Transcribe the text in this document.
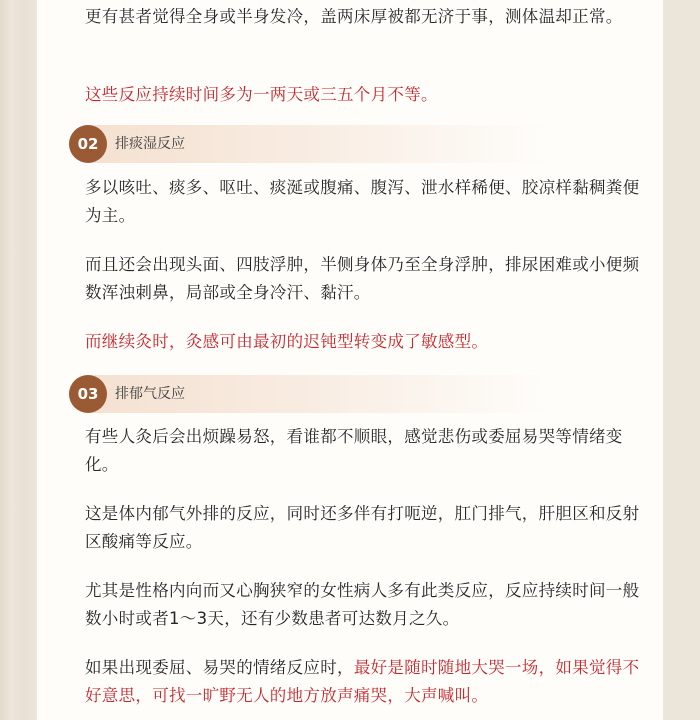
更有甚者觉得全身或半身发冷，盖两床厚被都无济于事，测体温却正常。
这些反应持续时间多为一两天或三五个月不等。
02	排痰湿反应
多以咳吐、痰多、呕吐、痰涎或腹痛、腹泻、泄水样稀便、胶凉样黏稠粪便为主。
而且还会出现头面、四肢浮肿，半侧身体乃至全身浮肿，排尿困难或小便频数浑浊刺鼻，局部或全身冷汗、黏汗。
而继续灸时，灸感可由最初的迟钝型转变成了敏感型。
03	排郁气反应
有些人灸后会出烦躁易怒，看谁都不顺眼，感觉悲伤或委屈易哭等情绪变化。
这是体内郁气外排的反应，同时还多伴有打呃逆，肛门排气，肝胆区和反射区酸痛等反应。
尤其是性格内向而又心胸狭窄的女性病人多有此类反应，反应持续时间一般数小时或者1～3天，还有少数患者可达数月之久。
如果出现委屈、易哭的情绪反应时，最好是随时随地大哭一场，如果觉得不好意思，可找一旷野无人的地方放声痛哭，大声喊叫。
